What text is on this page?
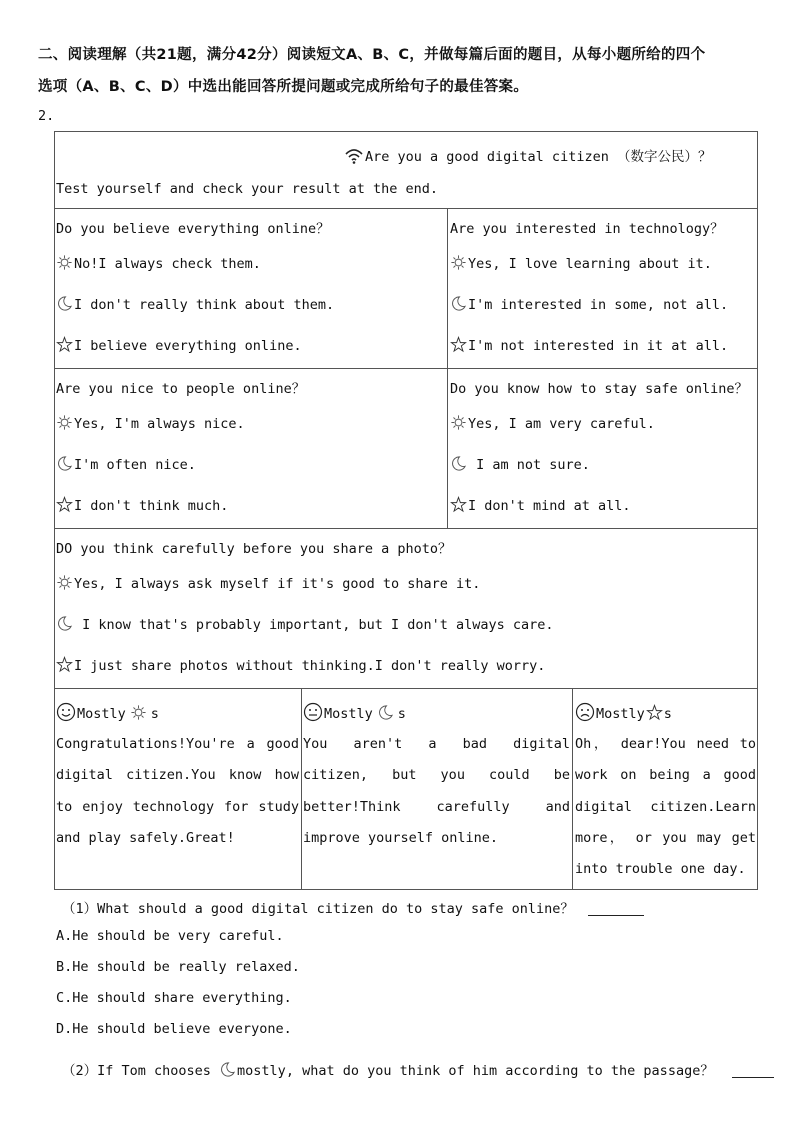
二、阅读理解（共21题，满分42分）阅读短文A、B、C，并做每篇后面的题目，从每小题所给的四个
选项（A、B、C、D）中选出能回答所提问题或完成所给句子的最佳答案。
2.
Are you a good digital citizen （数字公民）？
Test yourself and check your result at the end.
Do you believe everything online？
No!I always check them.
I don't really think about them.
I believe everything online.
Are you interested in technology？
Yes, I love learning about it.
I'm interested in some, not all.
I'm not interested in it at all.
Are you nice to people online？
Yes, I'm always nice.
I'm often nice.
I don't think much.
Do you know how to stay safe online？
Yes, I am very careful.
I am not sure.
I don't mind at all.
DO you think carefully before you share a photo？
Yes, I always ask myself if it's good to share it.
I know that's probably important, but I don't always care.
I just share photos without thinking.I don't really worry.
Mostly s
Congratulations!You're a good digital citizen.You know how to enjoy technology for study and play safely.Great!
Mostly s
You aren't a bad digital citizen, but you could be better!Think carefully and improve yourself online.
Mostly s
Oh， dear!You need to work on being a good digital citizen.Learn more， or you may get into trouble one day.
（1）What should a good digital citizen do to stay safe online？
A.He should be very careful.
B.He should be really relaxed.
C.He should share everything.
D.He should believe everyone.
（2）If Tom chooses
mostly, what do you think of him according to the passage？
